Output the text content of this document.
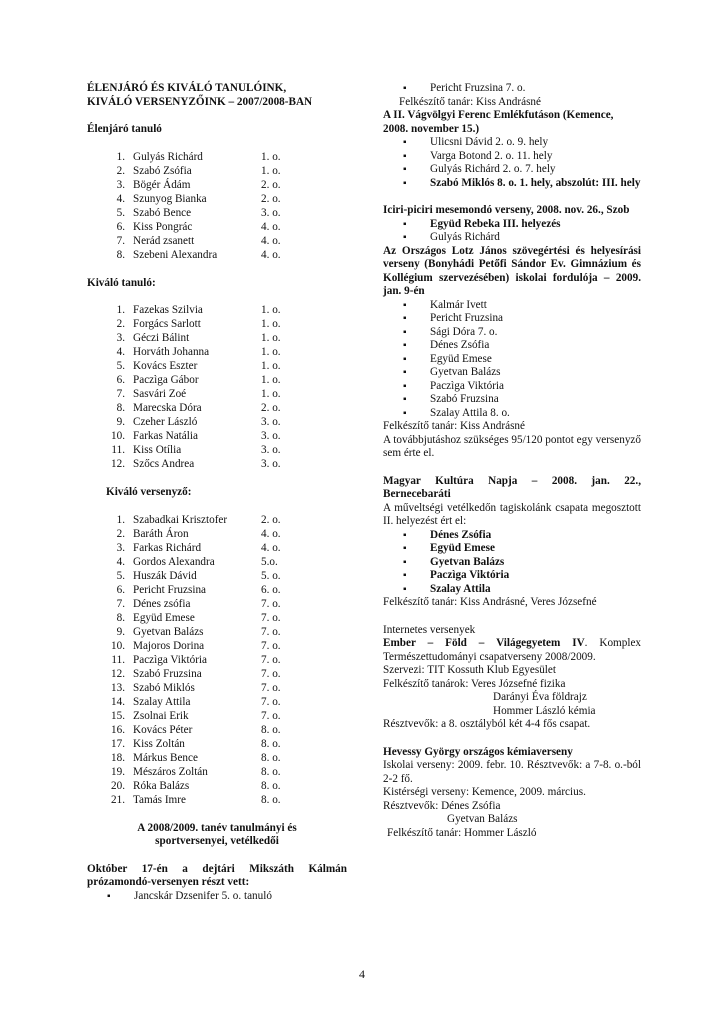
ÉLENJÁRÓ ÉS KIVÁLÓ TANULÓINK,
KIVÁLÓ VERSENYZŐINK – 2007/2008-BAN
Élenjáró tanuló
1.	Gulyás Richárd	1. o.
2.	Szabó Zsófia	1. o.
3.	Bögér Ádám	2. o.
4.	Szunyog Bianka	2. o.
5.	Szabó Bence	3. o.
6.	Kiss Pongrác	4. o.
7.	Nerád zsanett	4. o.
8.	Szebeni Alexandra	4. o.
Kiváló tanuló:
1.	Fazekas Szilvia	1. o.
2.	Forgács Sarlott	1. o.
3.	Géczi Bálint	1. o.
4.	Horváth Johanna	1. o.
5.	Kovács Eszter	1. o.
6.	Paczìga Gábor	1. o.
7.	Sasvári Zoé	1. o.
8.	Marecska Dóra	2. o.
9.	Czeher László	3. o.
10.	Farkas Natália	3. o.
11.	Kiss Otília	3. o.
12.	Szőcs Andrea	3. o.
Kiváló versenyző:
1.	Szabadkai Krisztofer	2. o.
2.	Baráth Áron	4. o.
3.	Farkas Richárd	4. o.
4.	Gordos Alexandra	5.o.
5.	Huszák Dávid	5. o.
6.	Pericht Fruzsina	6. o.
7.	Dénes zsófia	7. o.
8.	Együd Emese	7. o.
9.	Gyetvan Balázs	7. o.
10.	Majoros Dorina	7. o.
11.	Paczìga Viktória	7. o.
12.	Szabó Fruzsina	7. o.
13.	Szabó Miklós	7. o.
14.	Szalay Attila	7. o.
15.	Zsolnai Erik	7. o.
16.	Kovács Péter	8. o.
17.	Kiss Zoltán	8. o.
18.	Márkus Bence	8. o.
19.	Mészáros Zoltán	8. o.
20.	Róka Balázs	8. o.
21.	Tamás Imre	8. o.
A 2008/2009. tanév tanulmányi és
sportversenyei, vetélkedői
Október 17-én a dejtári Mikszáth Kálmán prózamondó-versenyen részt vett:
▪ Jancskár Dzsenifer 5. o. tanuló
▪ Pericht Fruzsina 7. o.
Felkészítő tanár: Kiss Andrásné
A II. Vágvölgyi Ferenc Emlékfutáson (Kemence, 2008. november 15.)
▪ Ulicsni Dávid 2. o. 9. hely
▪ Varga Botond 2. o. 11. hely
▪ Gulyás Richárd 2. o. 7. hely
▪ Szabó Miklós 8. o. 1. hely, abszolút: III. hely
Iciri-piciri mesemondó verseny, 2008. nov. 26., Szob
▪ Együd Rebeka III. helyezés
▪ Gulyás Richárd
Az Országos Lotz János szövegértési és helyesírási verseny (Bonyhádi Petőfi Sándor Ev. Gimnázium és Kollégium szervezésében) iskolai fordulója – 2009. jan. 9-én
▪ Kalmár Ivett
▪ Pericht Fruzsina
▪ Sági Dóra 7. o.
▪ Dénes Zsófia
▪ Együd Emese
▪ Gyetvan Balázs
▪ Paczìga Viktória
▪ Szabó Fruzsina
▪ Szalay Attila 8. o.
Felkészítő tanár: Kiss Andrásné
A továbbjutáshoz szükséges 95/120 pontot egy versenyző sem érte el.
Magyar Kultúra Napja – 2008. jan. 22., Bernecebaráti
A műveltségi vetélkedőn tagiskolánk csapata megosztott II. helyezést ért el:
▪ Dénes Zsófia
▪ Együd Emese
▪ Gyetvan Balázs
▪ Paczìga Viktória
▪ Szalay Attila
Felkészítő tanár: Kiss Andrásné, Veres Józsefné
Internetes versenyek
Ember – Föld – Világegyetem IV. Komplex Természettudományi csapatverseny 2008/2009.
Szervezi: TIT Kossuth Klub Egyesület
Felkészítő tanárok: Veres Józsefné fizika
Darányi Éva földrajz
Hommer László kémia
Résztvevők: a 8. osztályból két 4-4 fős csapat.
Hevessy György országos kémiaverseny
Iskolai verseny: 2009. febr. 10. Résztvevők: a 7-8. o.-ból 2-2 fő.
Kistérségi verseny: Kemence, 2009. március.
Résztvevők: Dénes Zsófia
Gyetvan Balázs
Felkészítő tanár: Hommer László
4
